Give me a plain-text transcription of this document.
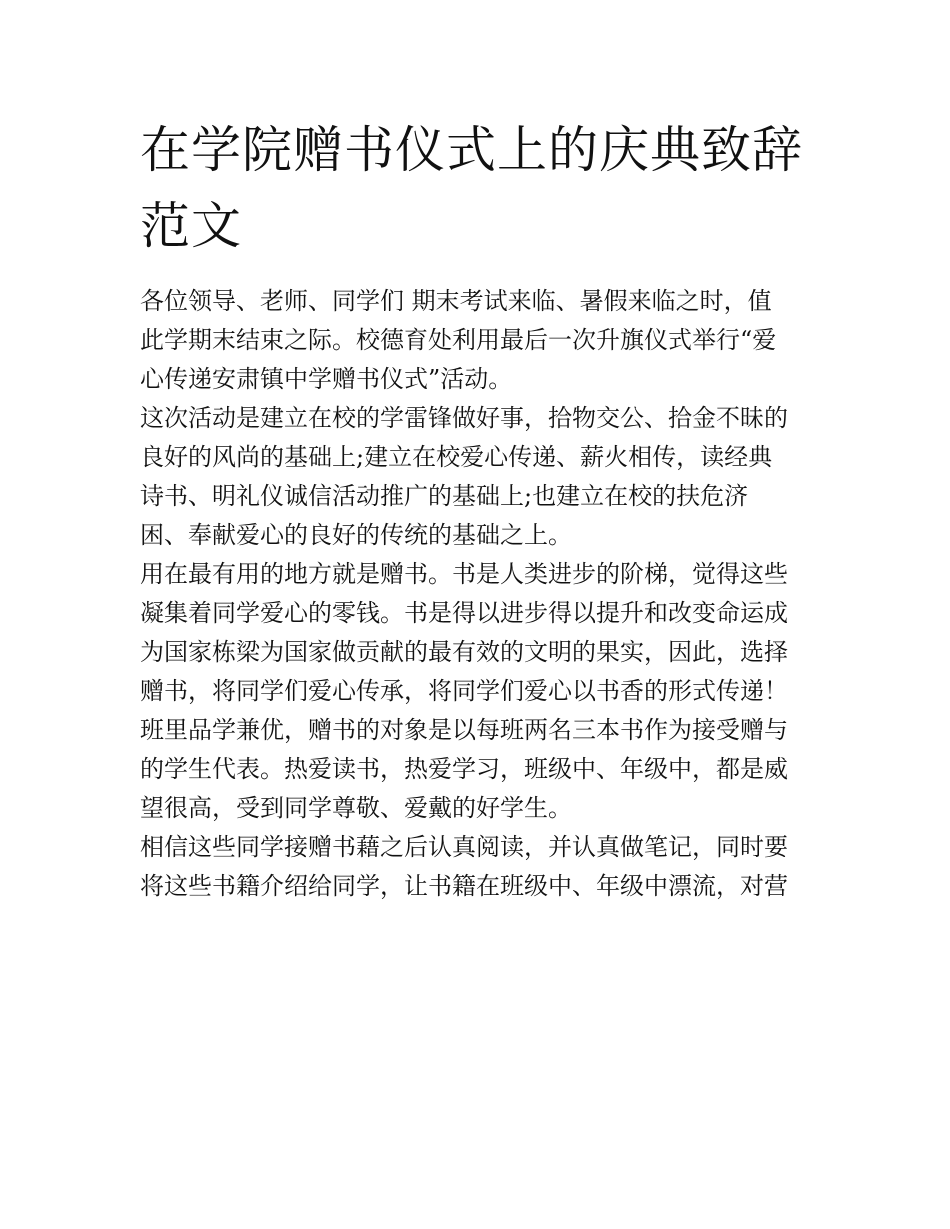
在学院赠书仪式上的庆典致辞
范文
各位领导、老师、同学们 期末考试来临、暑假来临之时，值
此学期末结束之际。校德育处利用最后一次升旗仪式举行“爱
心传递安肃镇中学赠书仪式”活动。
这次活动是建立在校的学雷锋做好事，拾物交公、拾金不昧的
良好的风尚的基础上;建立在校爱心传递、薪火相传，读经典
诗书、明礼仪诚信活动推广的基础上;也建立在校的扶危济
困、奉献爱心的良好的传统的基础之上。
用在最有用的地方就是赠书。书是人类进步的阶梯，觉得这些
凝集着同学爱心的零钱。书是得以进步得以提升和改变命运成
为国家栋梁为国家做贡献的最有效的文明的果实，因此，选择
赠书，将同学们爱心传承，将同学们爱心以书香的形式传递！
班里品学兼优，赠书的对象是以每班两名三本书作为接受赠与
的学生代表。热爱读书，热爱学习，班级中、年级中，都是威
望很高，受到同学尊敬、爱戴的好学生。
相信这些同学接赠书藉之后认真阅读，并认真做笔记，同时要
将这些书籍介绍给同学，让书籍在班级中、年级中漂流，对营
